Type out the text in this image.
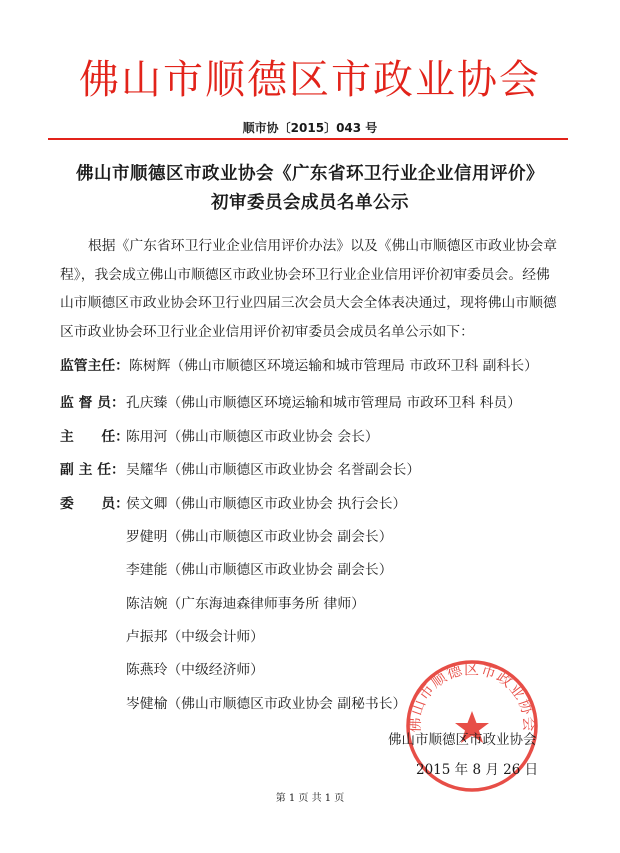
佛山市顺德区市政业协会
顺市协〔2015〕043 号
佛山市顺德区市政业协会《广东省环卫行业企业信用评价》
初审委员会成员名单公示
根据《广东省环卫行业企业信用评价办法》以及《佛山市顺德区市政业协会章
程》，我会成立佛山市顺德区市政业协会环卫行业企业信用评价初审委员会。经佛
山市顺德区市政业协会环卫行业四届三次会员大会全体表决通过，现将佛山市顺德
区市政业协会环卫行业企业信用评价初审委员会成员名单公示如下：
监管主任：陈树辉（佛山市顺德区环境运输和城市管理局 市政环卫科 副科长）
监 督 员：孔庆臻（佛山市顺德区环境运输和城市管理局 市政环卫科 科员）
主　　任：陈用河（佛山市顺德区市政业协会 会长）
副 主 任：吴耀华（佛山市顺德区市政业协会 名誉副会长）
委　　员：侯文卿（佛山市顺德区市政业协会 执行会长）
罗健明（佛山市顺德区市政业协会 副会长）
李建能（佛山市顺德区市政业协会 副会长）
陈洁婉（广东海迪森律师事务所 律师）
卢振邦（中级会计师）
陈燕玲（中级经济师）
岑健榆（佛山市顺德区市政业协会 副秘书长）
佛山市顺德区市政业协会
佛山市顺德区市政业协会
2015 年 8 月 26 日
第 1 页 共 1 页
